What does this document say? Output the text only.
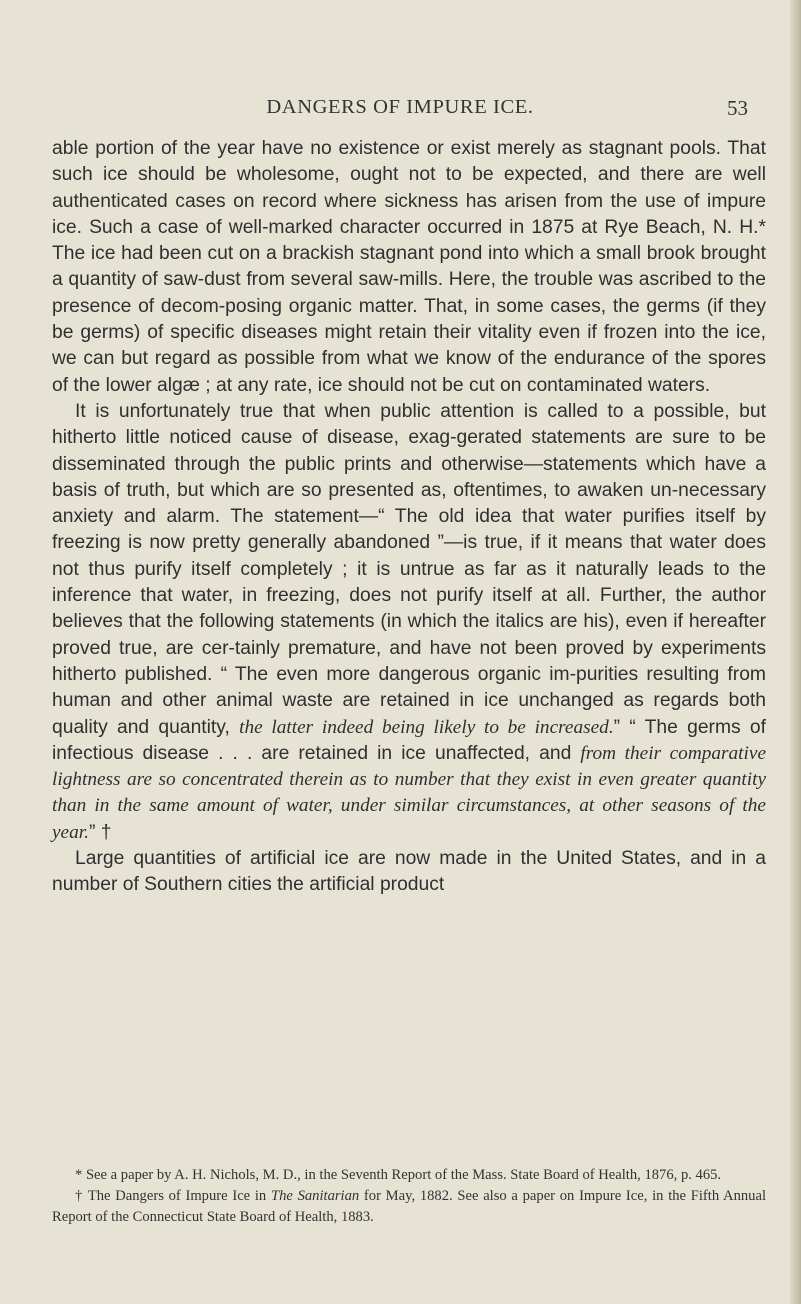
DANGERS OF IMPURE ICE.	53

able portion of the year have no existence or exist merely as stagnant pools. That such ice should be wholesome, ought not to be expected, and there are well authenticated cases on record where sickness has arisen from the use of impure ice. Such a case of well-marked character occurred in 1875 at Rye Beach, N. H.* The ice had been cut on a brackish stagnant pond into which a small brook brought a quantity of saw-dust from several saw-mills. Here, the trouble was ascribed to the presence of decom-posing organic matter. That, in some cases, the germs (if they be germs) of specific diseases might retain their vitality even if frozen into the ice, we can but regard as possible from what we know of the endurance of the spores of the lower algæ ; at any rate, ice should not be cut on contaminated waters.

It is unfortunately true that when public attention is called to a possible, but hitherto little noticed cause of disease, exag-gerated statements are sure to be disseminated through the public prints and otherwise—statements which have a basis of truth, but which are so presented as, oftentimes, to awaken un-necessary anxiety and alarm. The statement—“ The old idea that water purifies itself by freezing is now pretty generally abandoned ”—is true, if it means that water does not thus purify itself completely ; it is untrue as far as it naturally leads to the inference that water, in freezing, does not purify itself at all. Further, the author believes that the following statements (in which the italics are his), even if hereafter proved true, are cer-tainly premature, and have not been proved by experiments hitherto published. “ The even more dangerous organic im-purities resulting from human and other animal waste are retained in ice unchanged as regards both quality and quantity, the latter indeed being likely to be increased.” “ The germs of infectious disease . . . are retained in ice unaffected, and from their comparative lightness are so concentrated therein as to number that they exist in even greater quantity than in the same amount of water, under similar circumstances, at other seasons of the year.” †

Large quantities of artificial ice are now made in the United States, and in a number of Southern cities the artificial product

* See a paper by A. H. Nichols, M. D., in the Seventh Report of the Mass. State Board of Health, 1876, p. 465.

† The Dangers of Impure Ice in The Sanitarian for May, 1882. See also a paper on Impure Ice, in the Fifth Annual Report of the Connecticut State Board of Health, 1883.
